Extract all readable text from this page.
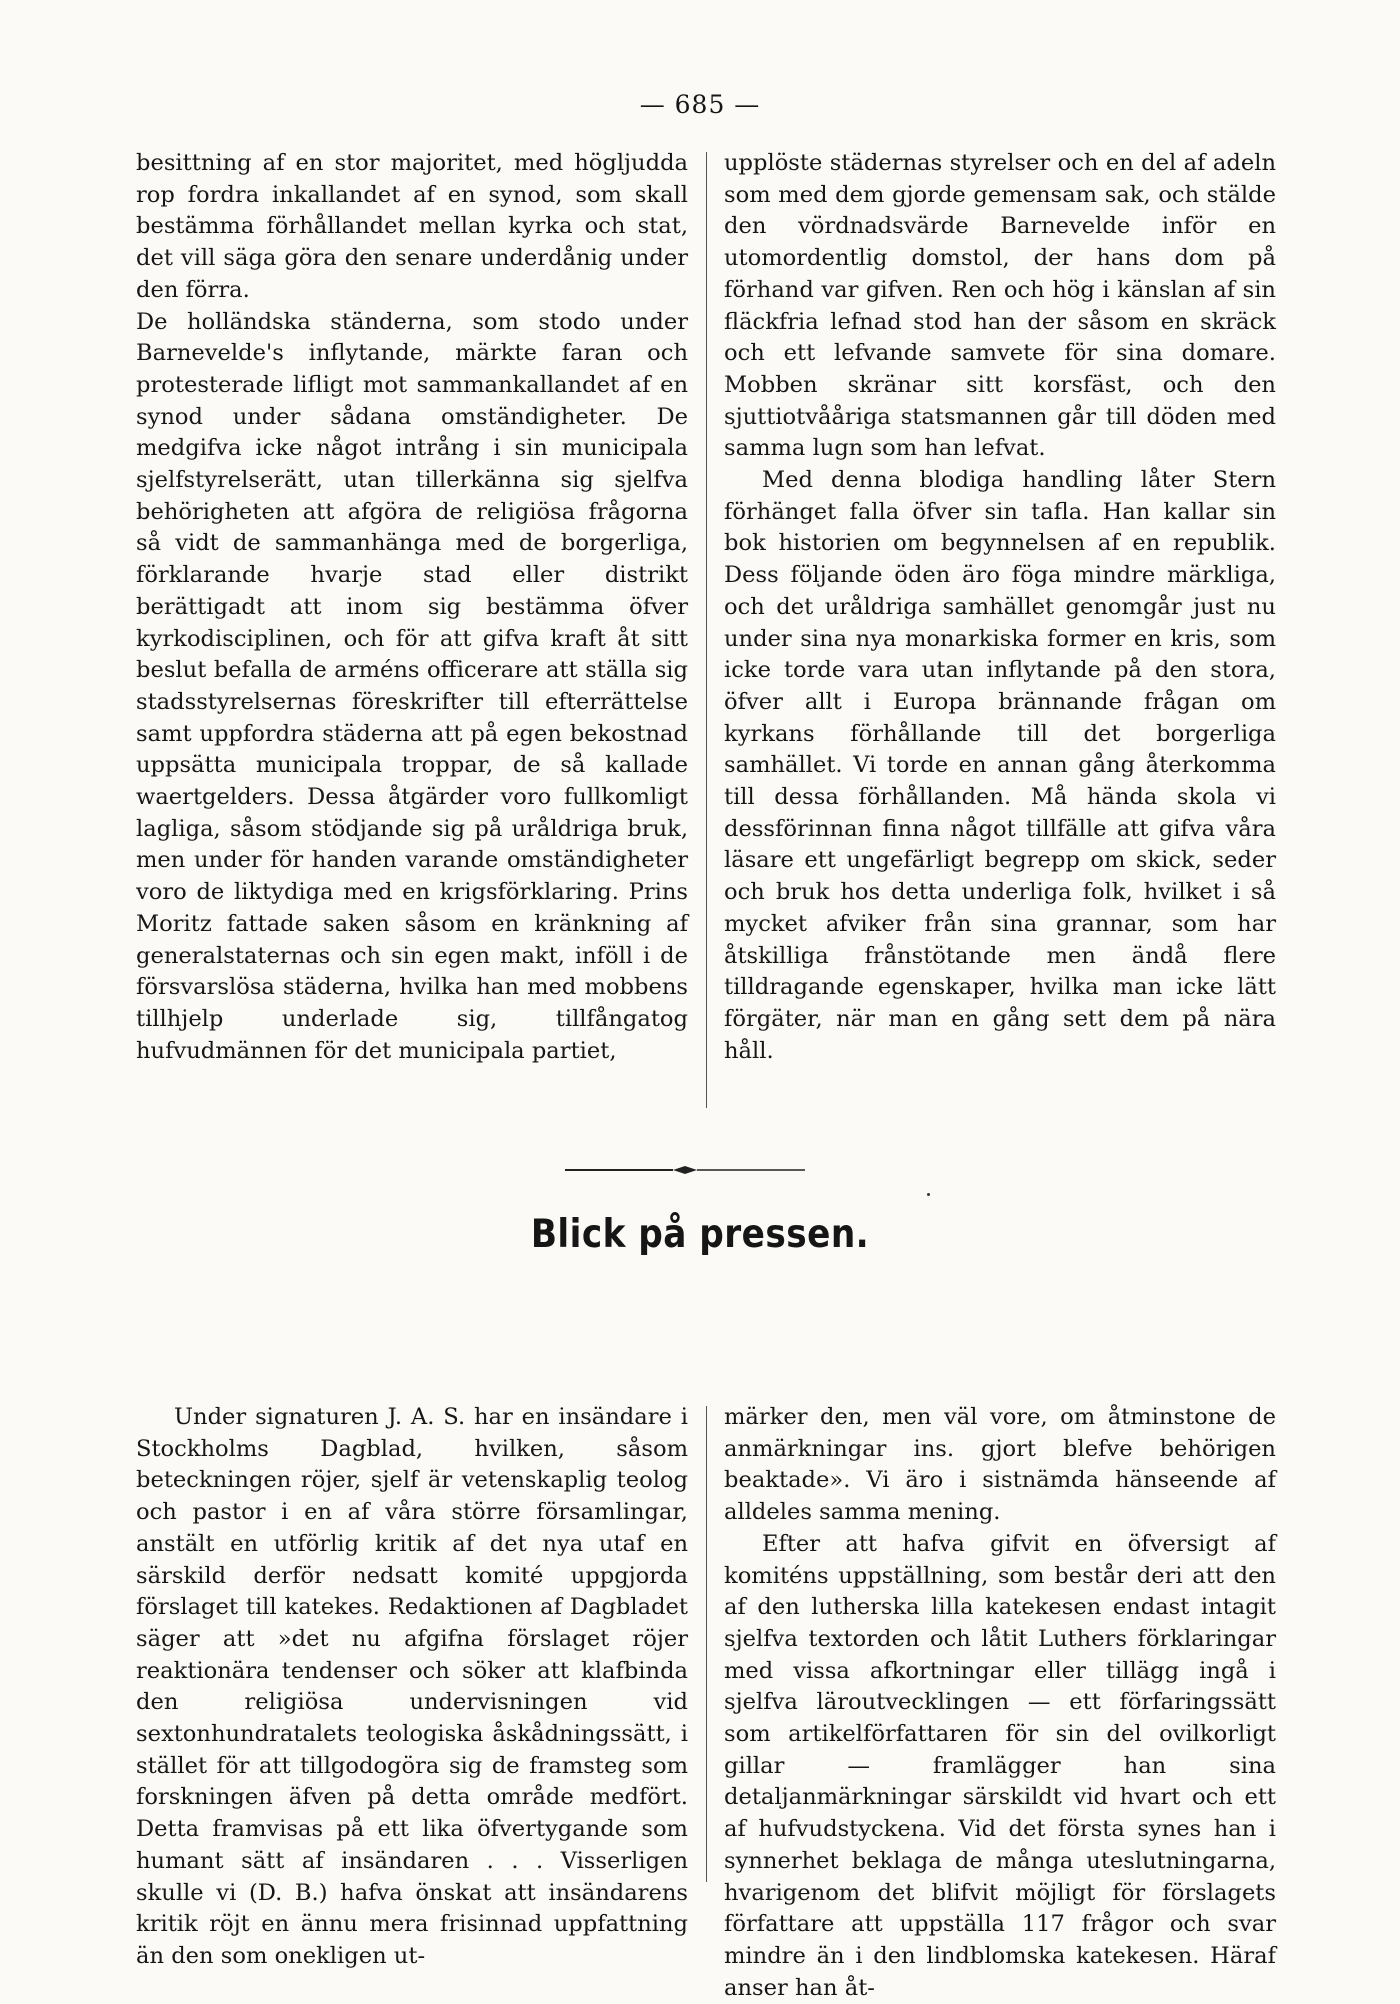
— 685 —

besittning af en stor majoritet, med högljudda rop fordra inkallandet af en synod, som skall bestämma förhållandet mellan kyrka och stat, det vill säga göra den senare underdånig under den förra.

De holländska ständerna, som stodo under Barnevelde's inflytande, märkte faran och protesterade lifligt mot sammankallandet af en synod under sådana omständigheter. De medgifva icke något intrång i sin municipala sjelfstyrelserätt, utan tillerkänna sig sjelfva behörigheten att afgöra de religiösa frågorna så vidt de sammanhänga med de borgerliga, förklarande hvarje stad eller distrikt berättigadt att inom sig bestämma öfver kyrkodisciplinen, och för att gifva kraft åt sitt beslut befalla de arméns officerare att ställa sig stadsstyrelsernas föreskrifter till efterrättelse samt uppfordra städerna att på egen bekostnad uppsätta municipala troppar, de så kallade waertgelders. Dessa åtgärder voro fullkomligt lagliga, såsom stödjande sig på uråldriga bruk, men under för handen varande omständigheter voro de liktydiga med en krigsförklaring. Prins Moritz fattade saken såsom en kränkning af generalstaternas och sin egen makt, inföll i de försvarslösa städerna, hvilka han med mobbens tillhjelp underlade sig, tillfångatog hufvudmännen för det municipala partiet,

upplöste städernas styrelser och en del af adeln som med dem gjorde gemensam sak, och stälde den vördnadsvärde Barnevelde inför en utomordentlig domstol, der hans dom på förhand var gifven. Ren och hög i känslan af sin fläckfria lefnad stod han der såsom en skräck och ett lefvande samvete för sina domare. Mobben skränar sitt korsfäst, och den sjuttiotvååriga statsmannen går till döden med samma lugn som han lefvat.

Med denna blodiga handling låter Stern förhänget falla öfver sin tafla. Han kallar sin bok historien om begynnelsen af en republik. Dess följande öden äro föga mindre märkliga, och det uråldriga samhället genomgår just nu under sina nya monarkiska former en kris, som icke torde vara utan inflytande på den stora, öfver allt i Europa brännande frågan om kyrkans förhållande till det borgerliga samhället. Vi torde en annan gång återkomma till dessa förhållanden. Må hända skola vi dessförinnan finna något tillfälle att gifva våra läsare ett ungefärligt begrepp om skick, seder och bruk hos detta underliga folk, hvilket i så mycket afviker från sina grannar, som har åtskilliga frånstötande men ändå flere tilldragande egenskaper, hvilka man icke lätt förgäter, när man en gång sett dem på nära håll.

Blick på pressen.

Under signaturen J. A. S. har en insändare i Stockholms Dagblad, hvilken, såsom beteckningen röjer, sjelf är vetenskaplig teolog och pastor i en af våra större församlingar, anstält en utförlig kritik af det nya utaf en särskild derför nedsatt komité uppgjorda förslaget till katekes. Redaktionen af Dagbladet säger att »det nu afgifna förslaget röjer reaktionära tendenser och söker att klafbinda den religiösa undervisningen vid sextonhundratalets teologiska åskådningssätt, i stället för att tillgodogöra sig de framsteg som forskningen äfven på detta område medfört. Detta framvisas på ett lika öfvertygande som humant sätt af insändaren . . . Visserligen skulle vi (D. B.) hafva önskat att insändarens kritik röjt en ännu mera frisinnad uppfattning än den som onekligen ut-

märker den, men väl vore, om åtminstone de anmärkningar ins. gjort blefve behörigen beaktade». Vi äro i sistnämda hänseende af alldeles samma mening.

Efter att hafva gifvit en öfversigt af komiténs uppställning, som består deri att den af den lutherska lilla katekesen endast intagit sjelfva textorden och låtit Luthers förklaringar med vissa afkortningar eller tillägg ingå i sjelfva läroutvecklingen — ett förfaringssätt som artikelförfattaren för sin del ovilkorligt gillar — framlägger han sina detaljanmärkningar särskildt vid hvart och ett af hufvudstyckena. Vid det första synes han i synnerhet beklaga de många uteslutningarna, hvarigenom det blifvit möjligt för förslagets författare att uppställa 117 frågor och svar mindre än i den lindblomska katekesen. Häraf anser han åt-
